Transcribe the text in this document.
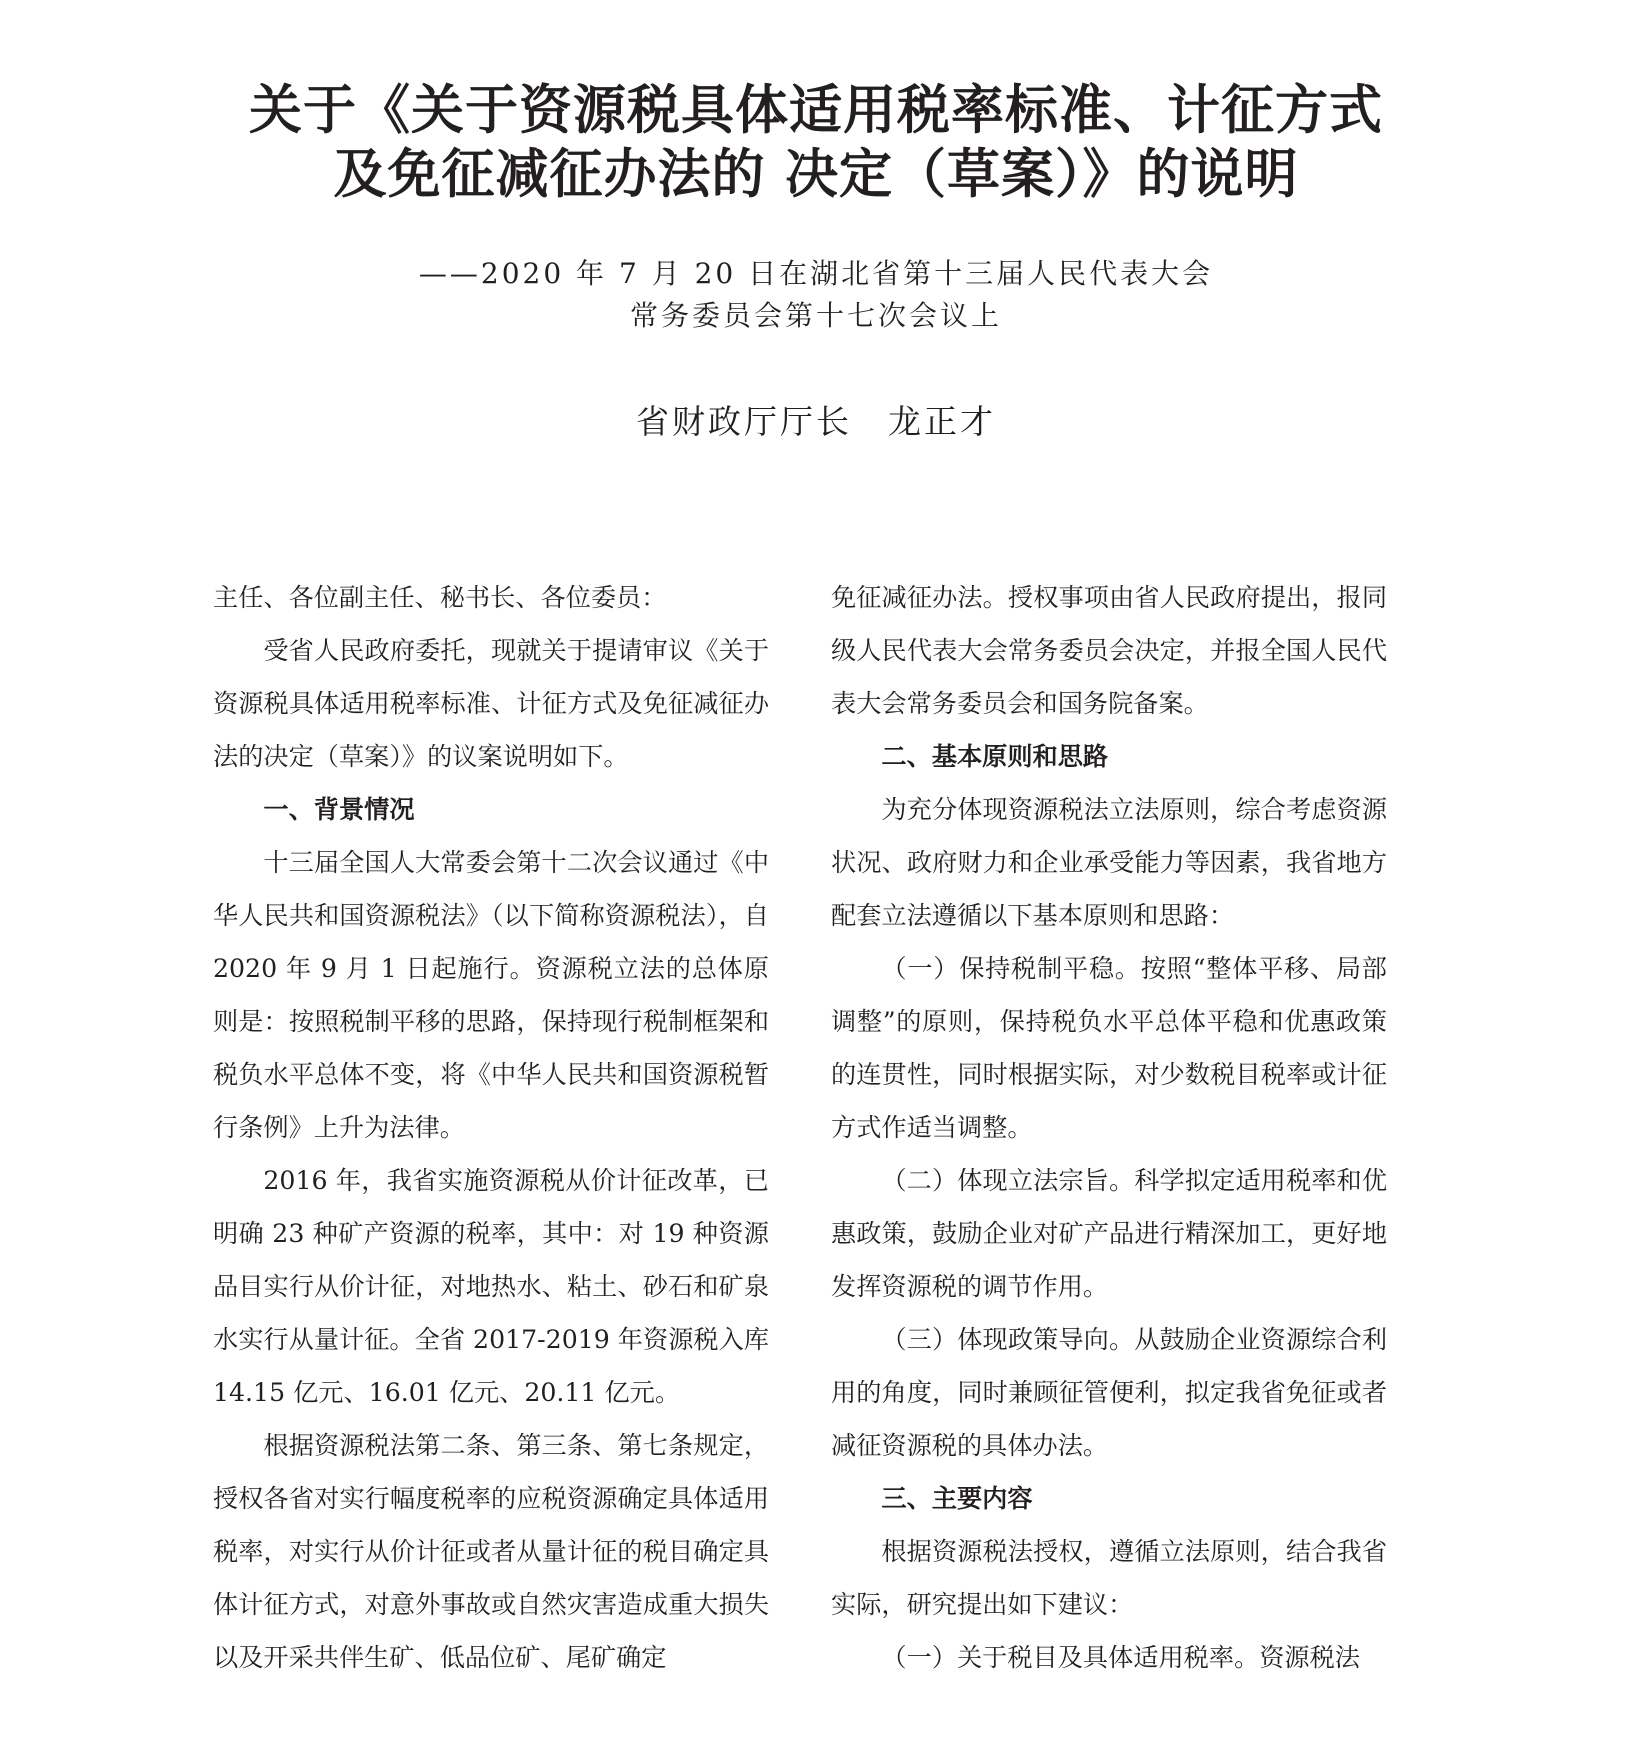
关于《关于资源税具体适用税率标准、计征方式
及免征减征办法的 决定（草案）》的说明
——2020 年 7 月 20 日在湖北省第十三届人民代表大会
常务委员会第十七次会议上
省财政厅厅长 龙正才

主任、各位副主任、秘书长、各位委员：

受省人民政府委托，现就关于提请审议《关于资源税具体适用税率标准、计征方式及免征减征办法的决定（草案）》的议案说明如下。

一、背景情况

十三届全国人大常委会第十二次会议通过《中华人民共和国资源税法》（以下简称资源税法），自 2020 年 9 月 1 日起施行。资源税立法的总体原则是：按照税制平移的思路，保持现行税制框架和税负水平总体不变，将《中华人民共和国资源税暂行条例》上升为法律。

2016 年，我省实施资源税从价计征改革，已明确 23 种矿产资源的税率，其中：对 19 种资源品目实行从价计征，对地热水、粘土、砂石和矿泉水实行从量计征。全省 2017-2019 年资源税入库 14.15 亿元、16.01 亿元、20.11 亿元。

根据资源税法第二条、第三条、第七条规定，授权各省对实行幅度税率的应税资源确定具体适用税率，对实行从价计征或者从量计征的税目确定具体计征方式，对意外事故或自然灾害造成重大损失以及开采共伴生矿、低品位矿、尾矿确定

免征减征办法。授权事项由省人民政府提出，报同级人民代表大会常务委员会决定，并报全国人民代表大会常务委员会和国务院备案。

二、基本原则和思路

为充分体现资源税法立法原则，综合考虑资源状况、政府财力和企业承受能力等因素，我省地方配套立法遵循以下基本原则和思路：

（一）保持税制平稳。按照“整体平移、局部调整”的原则，保持税负水平总体平稳和优惠政策的连贯性，同时根据实际，对少数税目税率或计征方式作适当调整。

（二）体现立法宗旨。科学拟定适用税率和优惠政策，鼓励企业对矿产品进行精深加工，更好地发挥资源税的调节作用。

（三）体现政策导向。从鼓励企业资源综合利用的角度，同时兼顾征管便利，拟定我省免征或者减征资源税的具体办法。

三、主要内容

根据资源税法授权，遵循立法原则，结合我省实际，研究提出如下建议：

（一）关于税目及具体适用税率。资源税法
